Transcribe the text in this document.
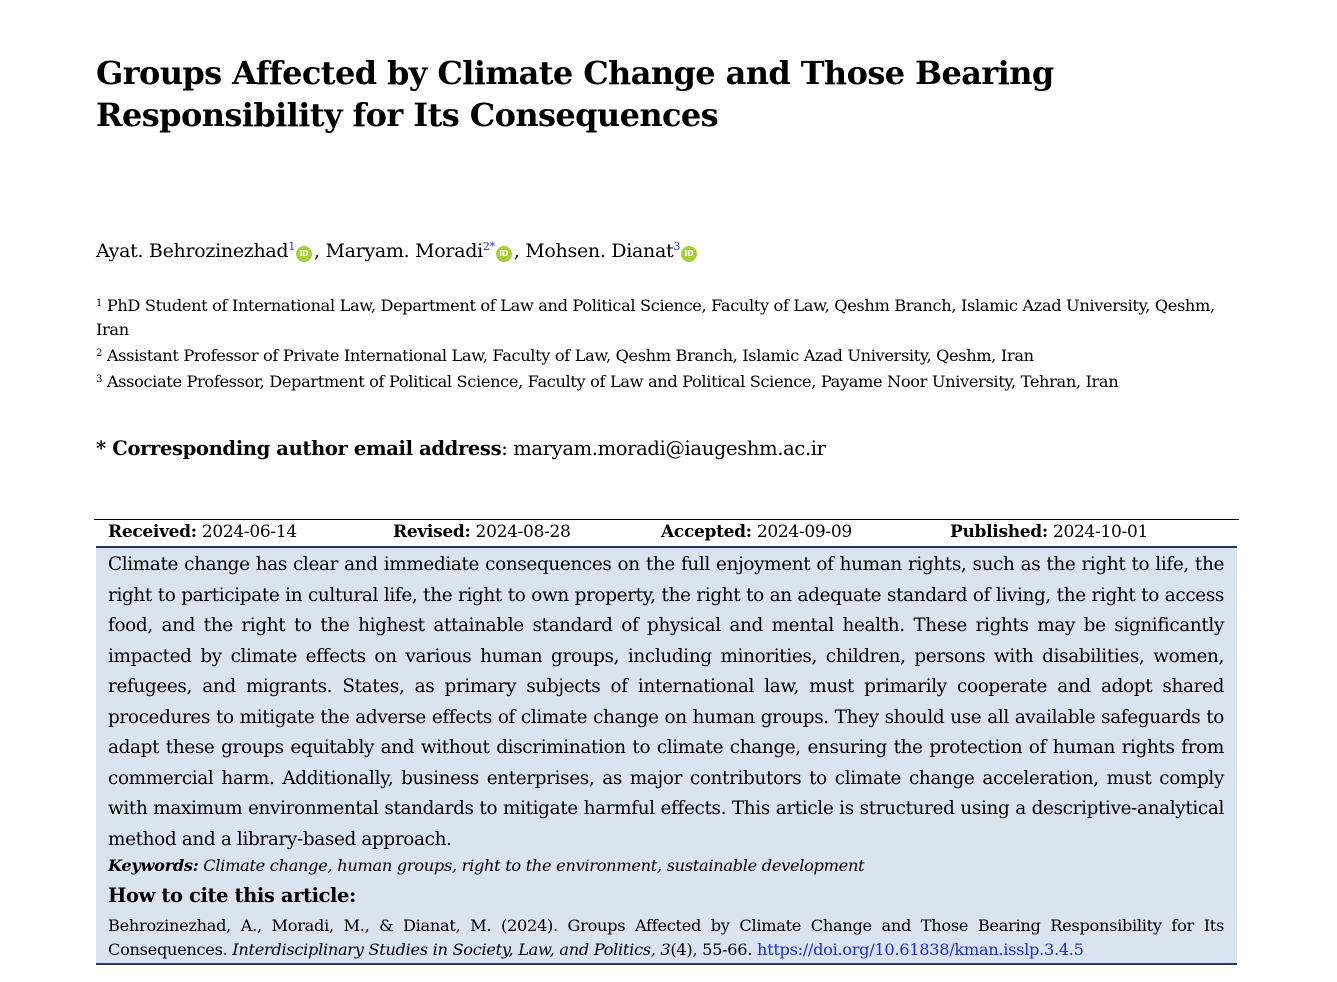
Groups Affected by Climate Change and Those Bearing Responsibility for Its Consequences
Ayat. Behrozinezhad$^1$iD , Maryam. Moradi$^{2*}$iD , Mohsen. Dianat$^3$iD

$^1$ PhD Student of International Law, Department of Law and Political Science, Faculty of Law, Qeshm Branch, Islamic Azad University, Qeshm, Iran

$^2$ Assistant Professor of Private International Law, Faculty of Law, Qeshm Branch, Islamic Azad University, Qeshm, Iran

$^3$ Associate Professor, Department of Political Science, Faculty of Law and Political Science, Payame Noor University, Tehran, Iran

* Corresponding author email address: maryam.moradi@iaugeshm.ac.ir
Received: 2024-06-14	Revised: 2024-08-28	Accepted: 2024-09-09	Published: 2024-10-01

Climate change has clear and immediate consequences on the full enjoyment of human rights, such as the right to life, the right to participate in cultural life, the right to own property, the right to an adequate standard of living, the right to access food, and the right to the highest attainable standard of physical and mental health. These rights may be significantly impacted by climate effects on various human groups, including minorities, children, persons with disabilities, women, refugees, and migrants. States, as primary subjects of international law, must primarily cooperate and adopt shared procedures to mitigate the adverse effects of climate change on human groups. They should use all available safeguards to adapt these groups equitably and without discrimination to climate change, ensuring the protection of human rights from commercial harm. Additionally, business enterprises, as major contributors to climate change acceleration, must comply with maximum environmental standards to mitigate harmful effects. This article is structured using a descriptive-analytical method and a library-based approach.

Keywords: Climate change, human groups, right to the environment, sustainable development
How to cite this article:

Behrozinezhad, A., Moradi, M., & Dianat, M. (2024). Groups Affected by Climate Change and Those Bearing Responsibility for Its Consequences. Interdisciplinary Studies in Society, Law, and Politics, 3(4), 55-66. https://doi.org/10.61838/kman.isslp.3.4.5
